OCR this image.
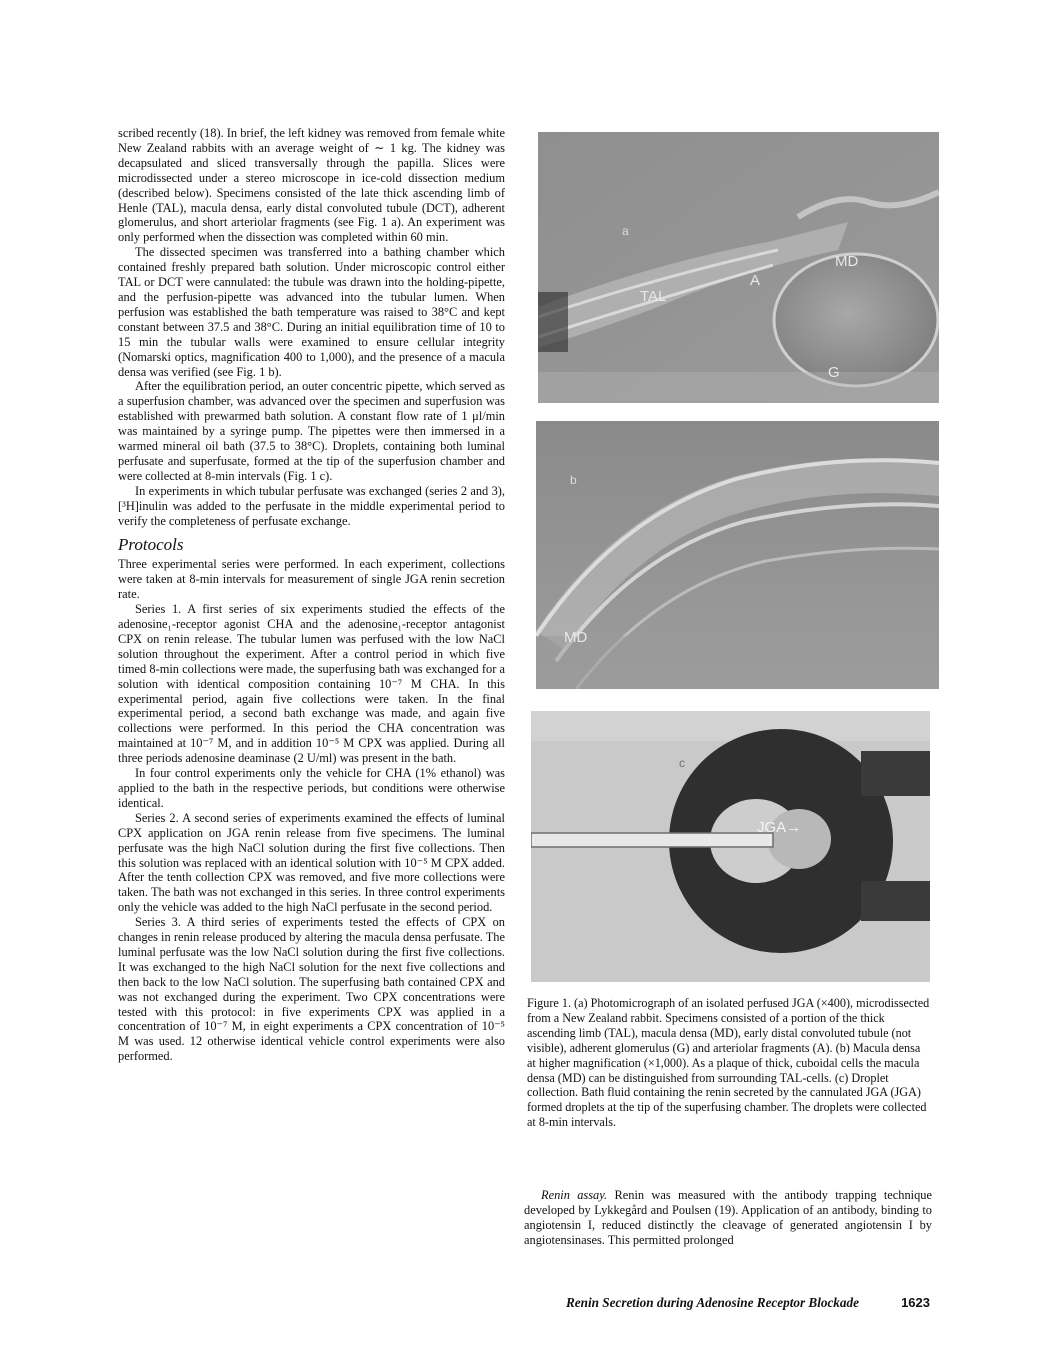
scribed recently (18). In brief, the left kidney was removed from female white New Zealand rabbits with an average weight of ∼ 1 kg. The kidney was decapsulated and sliced transversally through the papilla. Slices were microdissected under a stereo microscope in ice-cold dissection medium (described below). Specimens consisted of the late thick ascending limb of Henle (TAL), macula densa, early distal convoluted tubule (DCT), adherent glomerulus, and short arteriolar fragments (see Fig. 1 a). An experiment was only performed when the dissection was completed within 60 min.

The dissected specimen was transferred into a bathing chamber which contained freshly prepared bath solution. Under microscopic control either TAL or DCT were cannulated: the tubule was drawn into the holding-pipette, and the perfusion-pipette was advanced into the tubular lumen. When perfusion was established the bath temperature was raised to 38°C and kept constant between 37.5 and 38°C. During an initial equilibration time of 10 to 15 min the tubular walls were examined to ensure cellular integrity (Nomarski optics, magnification 400 to 1,000), and the presence of a macula densa was verified (see Fig. 1 b).

After the equilibration period, an outer concentric pipette, which served as a superfusion chamber, was advanced over the specimen and superfusion was established with prewarmed bath solution. A constant flow rate of 1 μl/min was maintained by a syringe pump. The pipettes were then immersed in a warmed mineral oil bath (37.5 to 38°C). Droplets, containing both luminal perfusate and superfusate, formed at the tip of the superfusion chamber and were collected at 8-min intervals (Fig. 1 c).

In experiments in which tubular perfusate was exchanged (series 2 and 3), [³H]inulin was added to the perfusate in the middle experimental period to verify the completeness of perfusate exchange.

Protocols

Three experimental series were performed. In each experiment, collections were taken at 8-min intervals for measurement of single JGA renin secretion rate.

Series 1. A first series of six experiments studied the effects of the adenosine₁-receptor agonist CHA and the adenosine₁-receptor antagonist CPX on renin release. The tubular lumen was perfused with the low NaCl solution throughout the experiment. After a control period in which five timed 8-min collections were made, the superfusing bath was exchanged for a solution with identical composition containing 10⁻⁷ M CHA. In this experimental period, again five collections were taken. In the final experimental period, a second bath exchange was made, and again five collections were performed. In this period the CHA concentration was maintained at 10⁻⁷ M, and in addition 10⁻⁵ M CPX was applied. During all three periods adenosine deaminase (2 U/ml) was present in the bath.

In four control experiments only the vehicle for CHA (1% ethanol) was applied to the bath in the respective periods, but conditions were otherwise identical.

Series 2. A second series of experiments examined the effects of luminal CPX application on JGA renin release from five specimens. The luminal perfusate was the high NaCl solution during the first five collections. Then this solution was replaced with an identical solution with 10⁻⁵ M CPX added. After the tenth collection CPX was removed, and five more collections were taken. The bath was not exchanged in this series. In three control experiments only the vehicle was added to the high NaCl perfusate in the second period.

Series 3. A third series of experiments tested the effects of CPX on changes in renin release produced by altering the macula densa perfusate. The luminal perfusate was the low NaCl solution during the first five collections. It was exchanged to the high NaCl solution for the next five collections and then back to the low NaCl solution. The superfusing bath contained CPX and was not exchanged during the experiment. Two CPX concentrations were tested with this protocol: in five experiments CPX was applied in a concentration of 10⁻⁷ M, in eight experiments a CPX concentration of 10⁻⁵ M was used. 12 otherwise identical vehicle control experiments were also performed.

a
TAL
A
MD
G
b
MD
c
JGA→
Figure 1. (a) Photomicrograph of an isolated perfused JGA (×400), microdissected from a New Zealand rabbit. Specimens consisted of a portion of the thick ascending limb (TAL), macula densa (MD), early distal convoluted tubule (not visible), adherent glomerulus (G) and arteriolar fragments (A). (b) Macula densa at higher magnification (×1,000). As a plaque of thick, cuboidal cells the macula densa (MD) can be distinguished from surrounding TAL-cells. (c) Droplet collection. Bath fluid containing the renin secreted by the cannulated JGA (JGA) formed droplets at the tip of the superfusing chamber. The droplets were collected at 8-min intervals.

Renin assay. Renin was measured with the antibody trapping technique developed by Lykkegård and Poulsen (19). Application of an antibody, binding to angiotensin I, reduced distinctly the cleavage of generated angiotensin I by angiotensinases. This permitted prolonged

Renin Secretion during Adenosine Receptor Blockade	1623
